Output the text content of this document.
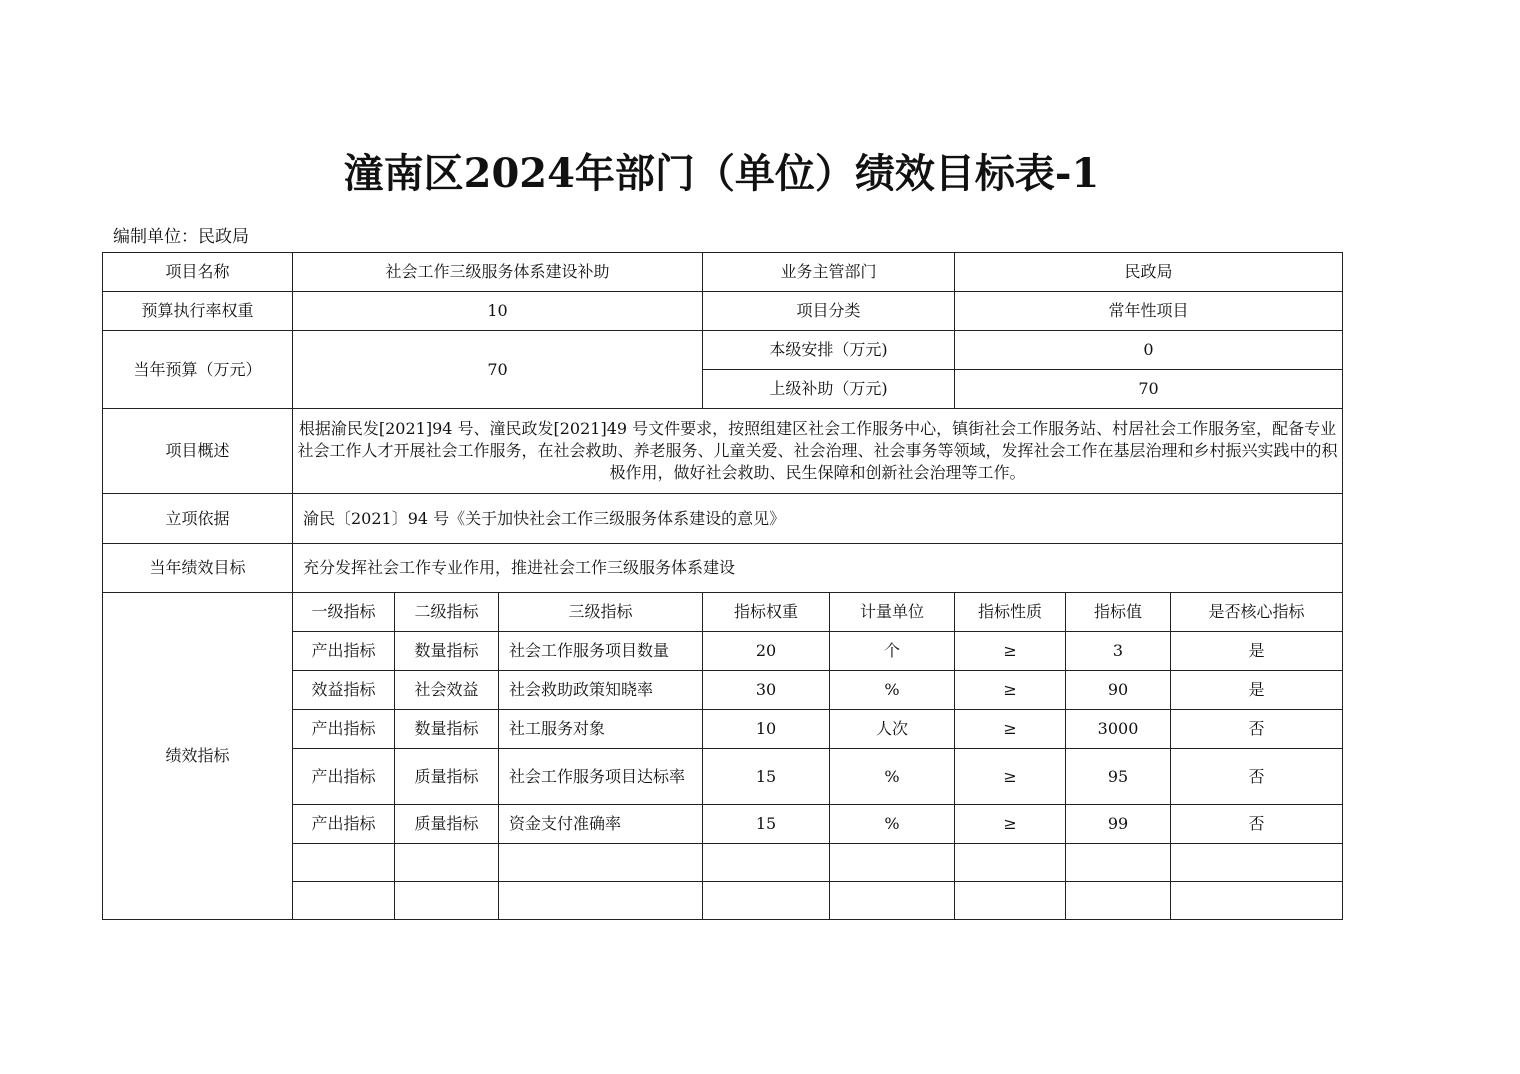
潼南区2024年部门（单位）绩效目标表-1
编制单位：民政局
项目名称	社会工作三级服务体系建设补助			业务主管部门		民政局		
预算执行率权重	10			项目分类		常年性项目		
当年预算（万元）	70			本级安排（万元)		0		
				上级补助（万元)		70		
项目概述	根据渝民发[2021]94 号、潼民政发[2021]49 号文件要求，按照组建区社会工作服务中心，镇街社会工作服务站、村居社会工作服务室，配备专业社会工作人才开展社会工作服务，在社会救助、养老服务、儿童关爱、社会治理、社会事务等领域，发挥社会工作在基层治理和乡村振兴实践中的积极作用，做好社会救助、民生保障和创新社会治理等工作。							
立项依据	渝民〔2021〕94 号《关于加快社会工作三级服务体系建设的意见》							
当年绩效目标	充分发挥社会工作专业作用，推进社会工作三级服务体系建设							
绩效指标	一级指标	二级指标	三级指标	指标权重	计量单位	指标性质	指标值	是否核心指标
	产出指标	数量指标	社会工作服务项目数量	20	个	≥	3	是
	效益指标	社会效益	社会救助政策知晓率	30	%	≥	90	是
	产出指标	数量指标	社工服务对象	10	人次	≥	3000	否
	产出指标	质量指标	社会工作服务项目达标率	15	%	≥	95	否
	产出指标	质量指标	资金支付准确率	15	%	≥	99	否
